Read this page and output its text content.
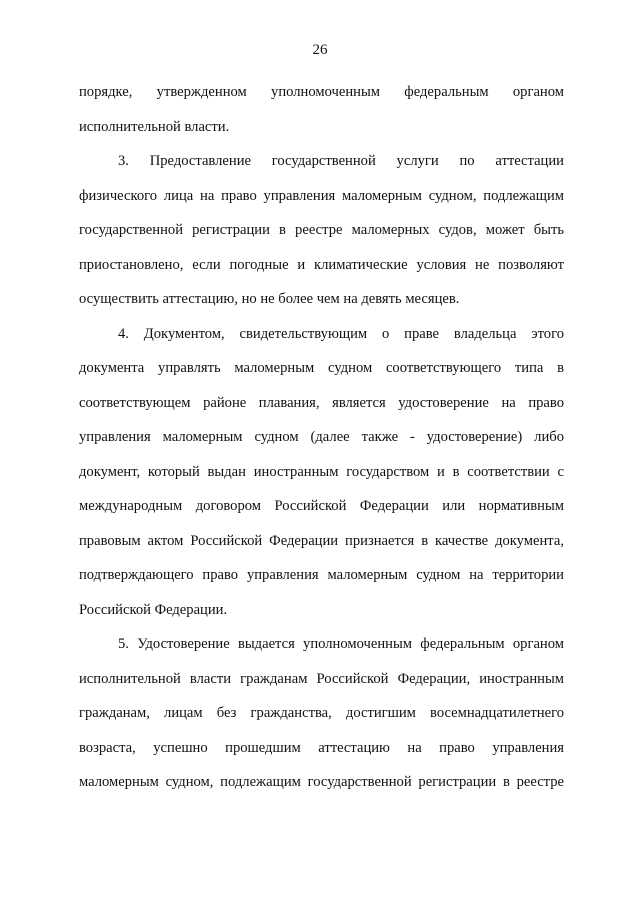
26

порядке, утвержденном уполномоченным федеральным органом
исполнительной власти.

3. Предоставление государственной услуги по аттестации
физического лица на право управления маломерным судном, подлежащим
государственной регистрации в реестре маломерных судов, может быть
приостановлено, если погодные и климатические условия не позволяют
осуществить аттестацию, но не более чем на девять месяцев.

4. Документом, свидетельствующим о праве владельца этого
документа управлять маломерным судном соответствующего типа в
соответствующем районе плавания, является удостоверение на право
управления маломерным судном (далее также - удостоверение) либо
документ, который выдан иностранным государством и в соответствии с
международным договором Российской Федерации или нормативным
правовым актом Российской Федерации признается в качестве документа,
подтверждающего право управления маломерным судном на территории
Российской Федерации.

5. Удостоверение выдается уполномоченным федеральным органом
исполнительной власти гражданам Российской Федерации, иностранным
гражданам, лицам без гражданства, достигшим восемнадцатилетнего
возраста, успешно прошедшим аттестацию на право управления
маломерным судном, подлежащим государственной регистрации в реестре
